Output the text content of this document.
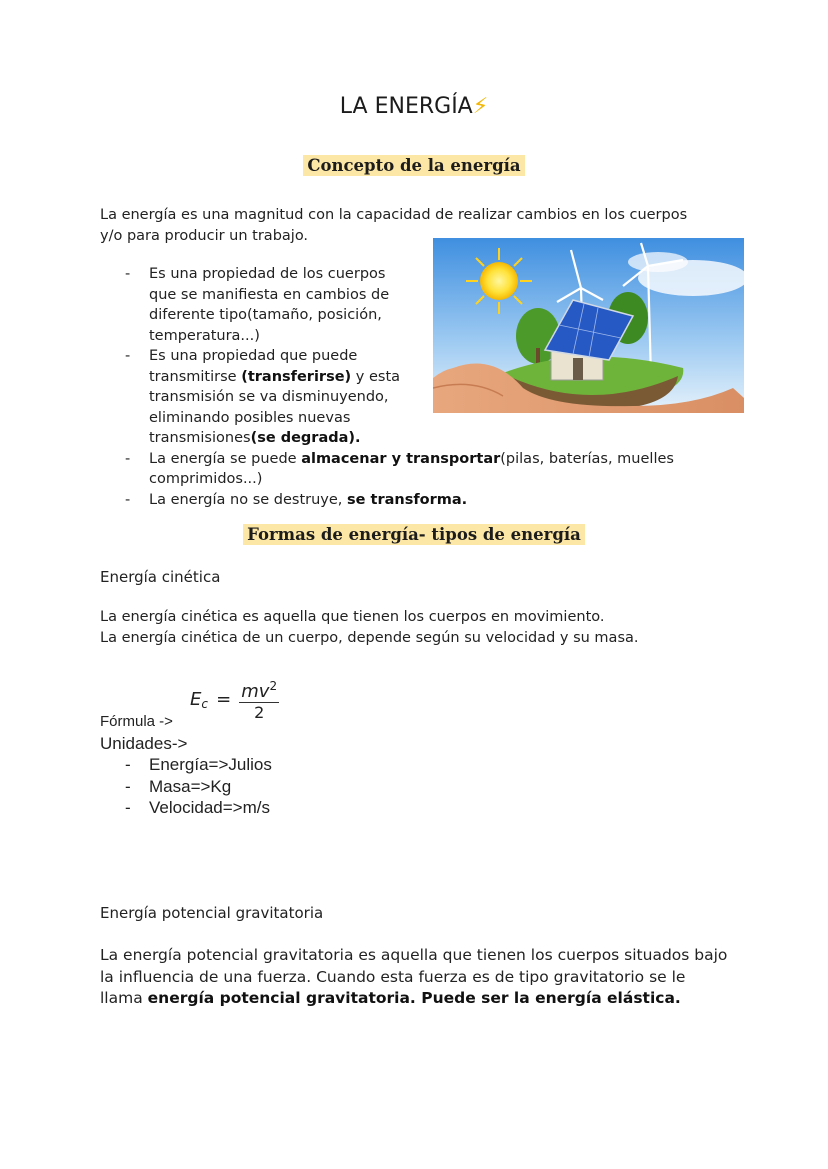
LA ENERGÍA⚡
Concepto de la energía
La energía es una magnitud con la capacidad de realizar cambios en los cuerpos y/o para producir un trabajo.
- Es una propiedad de los cuerpos que se manifiesta en cambios de diferente tipo(tamaño, posición, temperatura...)
- Es una propiedad que puede transmitirse (transferirse) y esta transmisión se va disminuyendo, eliminando posibles nuevas transmisiones(se degrada).
- La energía se puede almacenar y transportar(pilas, baterías, muelles comprimidos...)
- La energía no se destruye, se transforma.
Formas de energía- tipos de energía
Energía cinética
La energía cinética es aquella que tienen los cuerpos en movimiento.
La energía cinética de un cuerpo, depende según su velocidad y su masa.
$E_c = \frac{mv^2}{2}$
Fórmula ->
Unidades->
- Energía=>Julios
- Masa=>Kg
- Velocidad=>m/s
Energía potencial gravitatoria
La energía potencial gravitatoria es aquella que tienen los cuerpos situados bajo la influencia de una fuerza. Cuando esta fuerza es de tipo gravitatorio se le llama energía potencial gravitatoria. Puede ser la energía elástica.
